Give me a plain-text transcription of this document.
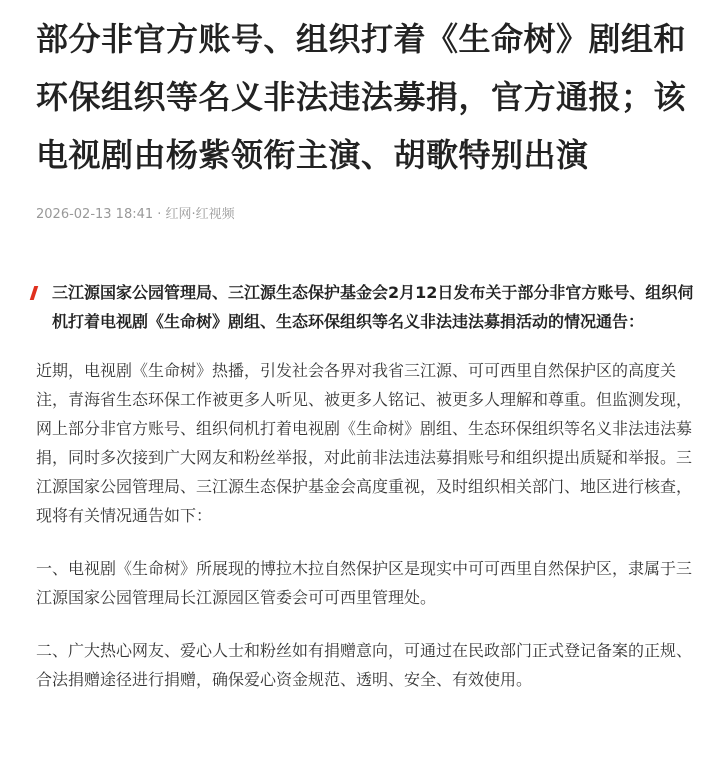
部分非官方账号、组织打着《生命树》剧组和环保组织等名义非法违法募捐，官方通报；该电视剧由杨紫领衔主演、胡歌特别出演
2026-02-13 18:41 · 红网·红视频
三江源国家公园管理局、三江源生态保护基金会2月12日发布关于部分非官方账号、组织伺机打着电视剧《生命树》剧组、生态环保组织等名义非法违法募捐活动的情况通告：

近期，电视剧《生命树》热播，引发社会各界对我省三江源、可可西里自然保护区的高度关注，青海省生态环保工作被更多人听见、被更多人铭记、被更多人理解和尊重。但监测发现，网上部分非官方账号、组织伺机打着电视剧《生命树》剧组、生态环保组织等名义非法违法募捐，同时多次接到广大网友和粉丝举报，对此前非法违法募捐账号和组织提出质疑和举报。三江源国家公园管理局、三江源生态保护基金会高度重视，及时组织相关部门、地区进行核查，现将有关情况通告如下：

一、电视剧《生命树》所展现的博拉木拉自然保护区是现实中可可西里自然保护区，隶属于三江源国家公园管理局长江源园区管委会可可西里管理处。

二、广大热心网友、爱心人士和粉丝如有捐赠意向，可通过在民政部门正式登记备案的正规、合法捐赠途径进行捐赠，确保爱心资金规范、透明、安全、有效使用。
